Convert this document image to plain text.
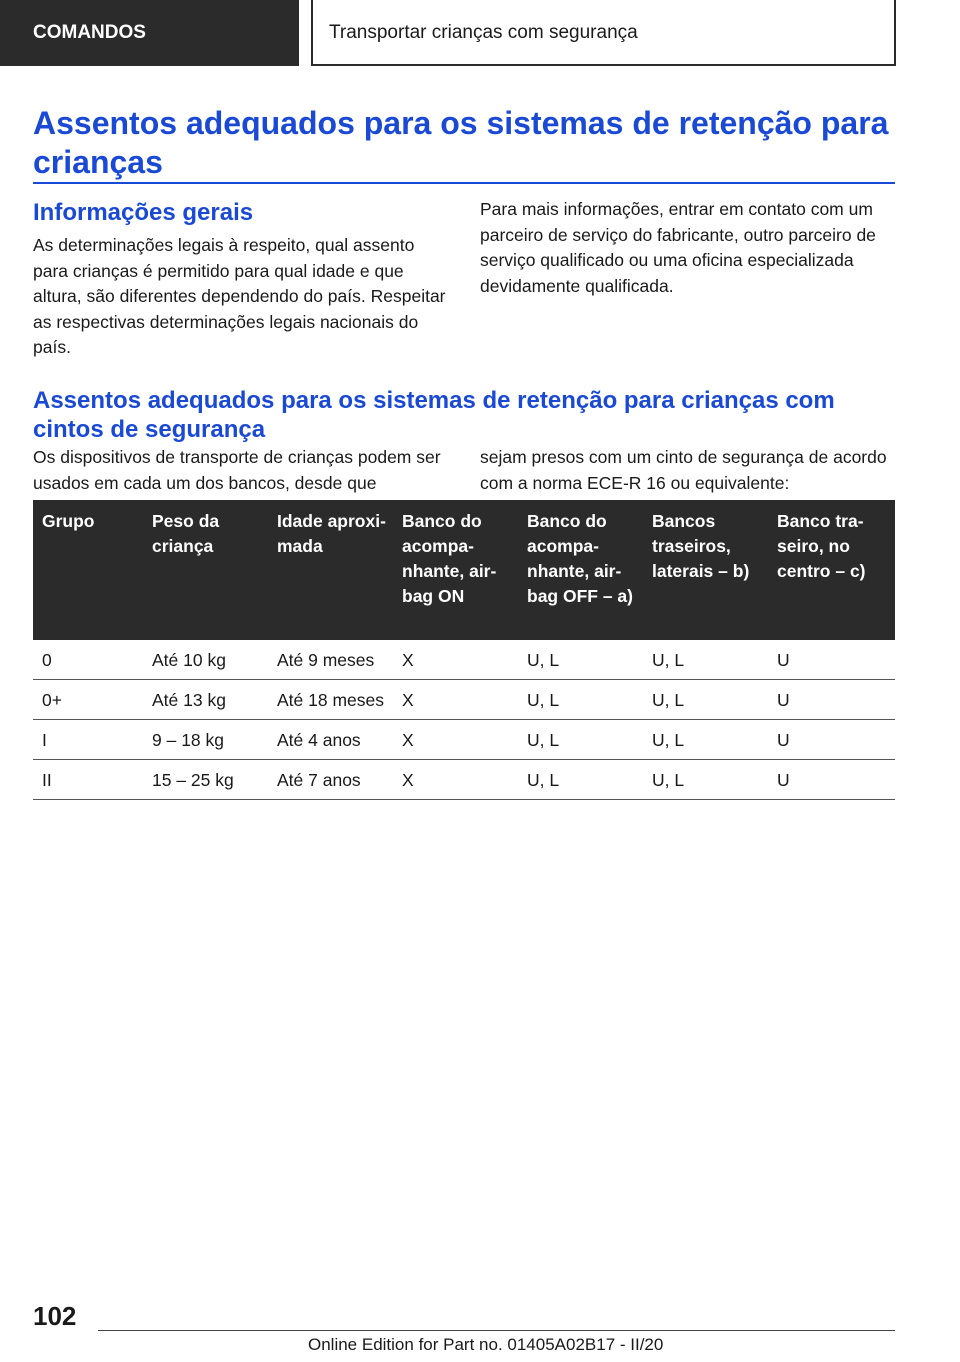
COMANDOS	Transportar crianças com segurança
Assentos adequados para os sistemas de retenção para crianças
Informações gerais

As determinações legais à respeito, qual assento para crianças é permitido para qual idade e que altura, são diferentes dependendo do país. Respeitar as respectivas determinações legais nacionais do país.

Para mais informações, entrar em contato com um parceiro de serviço do fabricante, outro parceiro de serviço qualificado ou uma oficina especializada devidamente qualificada.

Assentos adequados para os sistemas de retenção para crianças com cintos de segurança

Os dispositivos de transporte de crianças podem ser usados em cada um dos bancos, desde que

sejam presos com um cinto de segurança de acordo com a norma ECE-R 16 ou equivalente:

Grupo	Peso da criança	Idade aproximada	Banco do acompanhante, airbag ON	Banco do acompanhante, airbag OFF – a)	Bancos traseiros, laterais – b)	Banco traseiro, no centro – c)
0	Até 10 kg	Até 9 meses	X	U, L	U, L	U
0+	Até 13 kg	Até 18 meses	X	U, L	U, L	U
I	9 – 18 kg	Até 4 anos	X	U, L	U, L	U
II	15 – 25 kg	Até 7 anos	X	U, L	U, L	U
102
Online Edition for Part no. 01405A02B17 - II/20
